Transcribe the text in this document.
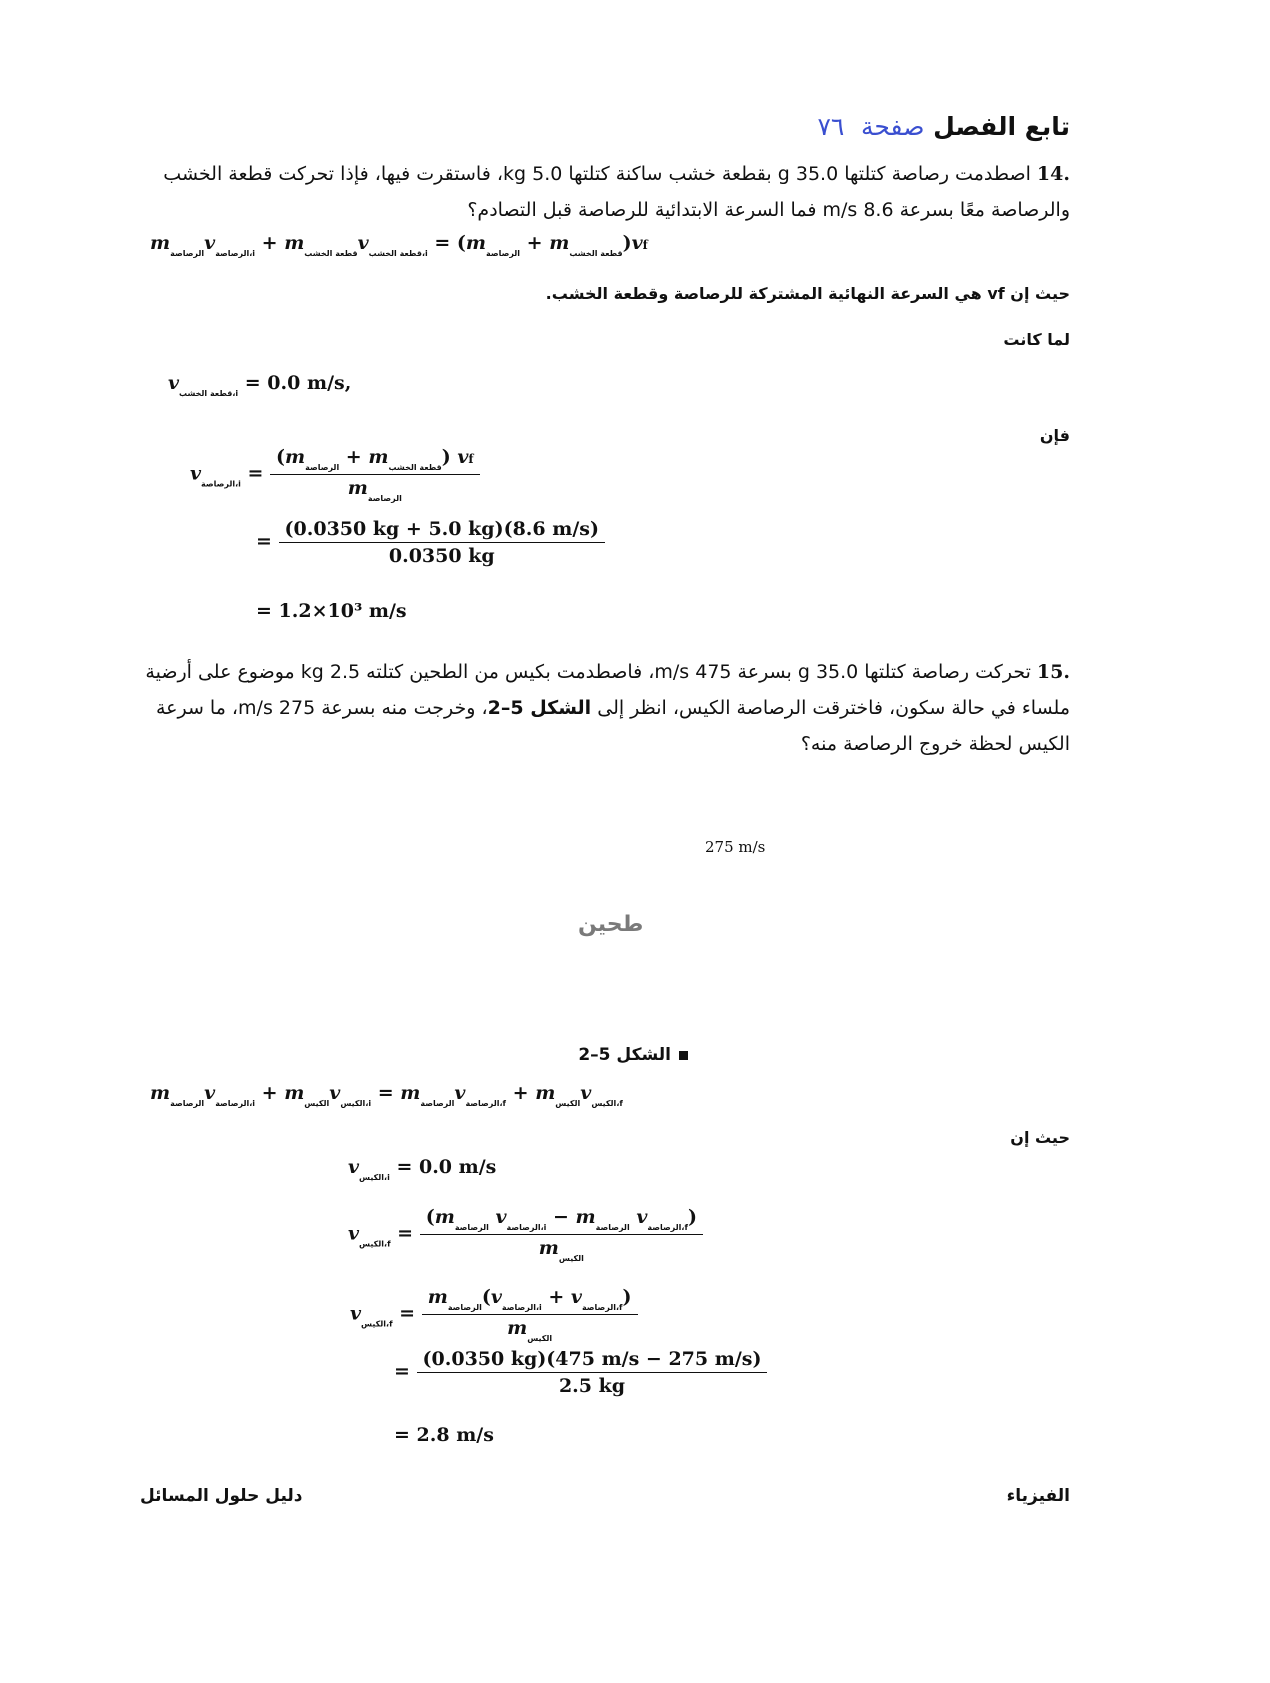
تابع الفصل صفحة ٧٦
.14 اصطدمت رصاصة كتلتها 35.0 g بقطعة خشب ساكنة كتلتها 5.0 kg، فاستقرت فيها، فإذا تحركت قطعة الخشب والرصاصة معًا بسرعة 8.6 m/s فما السرعة الابتدائية للرصاصة قبل التصادم؟
$m_{الرصاصة}v_{الرصاصة،i} + m_{قطعة الخشب}v_{قطعة الخشب،i} = (m_{الرصاصة} + m_{قطعة الخشب})vf$
حيث إن vf هي السرعة النهائية المشتركة للرصاصة وقطعة الخشب.
لما كانت
$v_{قطعة الخشب،i} = 0.0$ m/s,
فإن
$v_{الرصاصة،i} = \frac{(m_{الرصاصة} + m_{قطعة الخشب}) vf}{m_{الرصاصة}}$
= $\frac{(0.0350 kg + 5.0 kg)(8.6 m/s)}{0.0350 kg}$
= 1.2×10³ m/s
.15 تحركت رصاصة كتلتها 35.0 g بسرعة 475 m/s، فاصطدمت بكيس من الطحين كتلته 2.5 kg موضوع على أرضية ملساء في حالة سكون، فاخترقت الرصاصة الكيس، انظر إلى الشكل 5–2، وخرجت منه بسرعة 275 m/s، ما سرعة الكيس لحظة خروج الرصاصة منه؟
275 m/s
طحين
الشكل 5–2
$m_{الرصاصة}v_{الرصاصة،i} + m_{الكيس}v_{الكيس،i} = m_{الرصاصة}v_{الرصاصة،f} + m_{الكيس}v_{الكيس،f}$
حيث إن
$v_{الكيس،i} = 0.0$ m/s
$v_{الكيس،f} = \frac{(m_{الرصاصة} v_{الرصاصة،i} - m_{الرصاصة} v_{الرصاصة،f})}{m_{الكيس}}$
$v_{الكيس،f} = \frac{m_{الرصاصة}(v_{الرصاصة،i} + v_{الرصاصة،f})}{m_{الكيس}}$
= $\frac{(0.0350 kg)(475 m/s - 275 m/s)}{2.5 kg}$
= 2.8 m/s
الفيزياء
دليل حلول المسائل
